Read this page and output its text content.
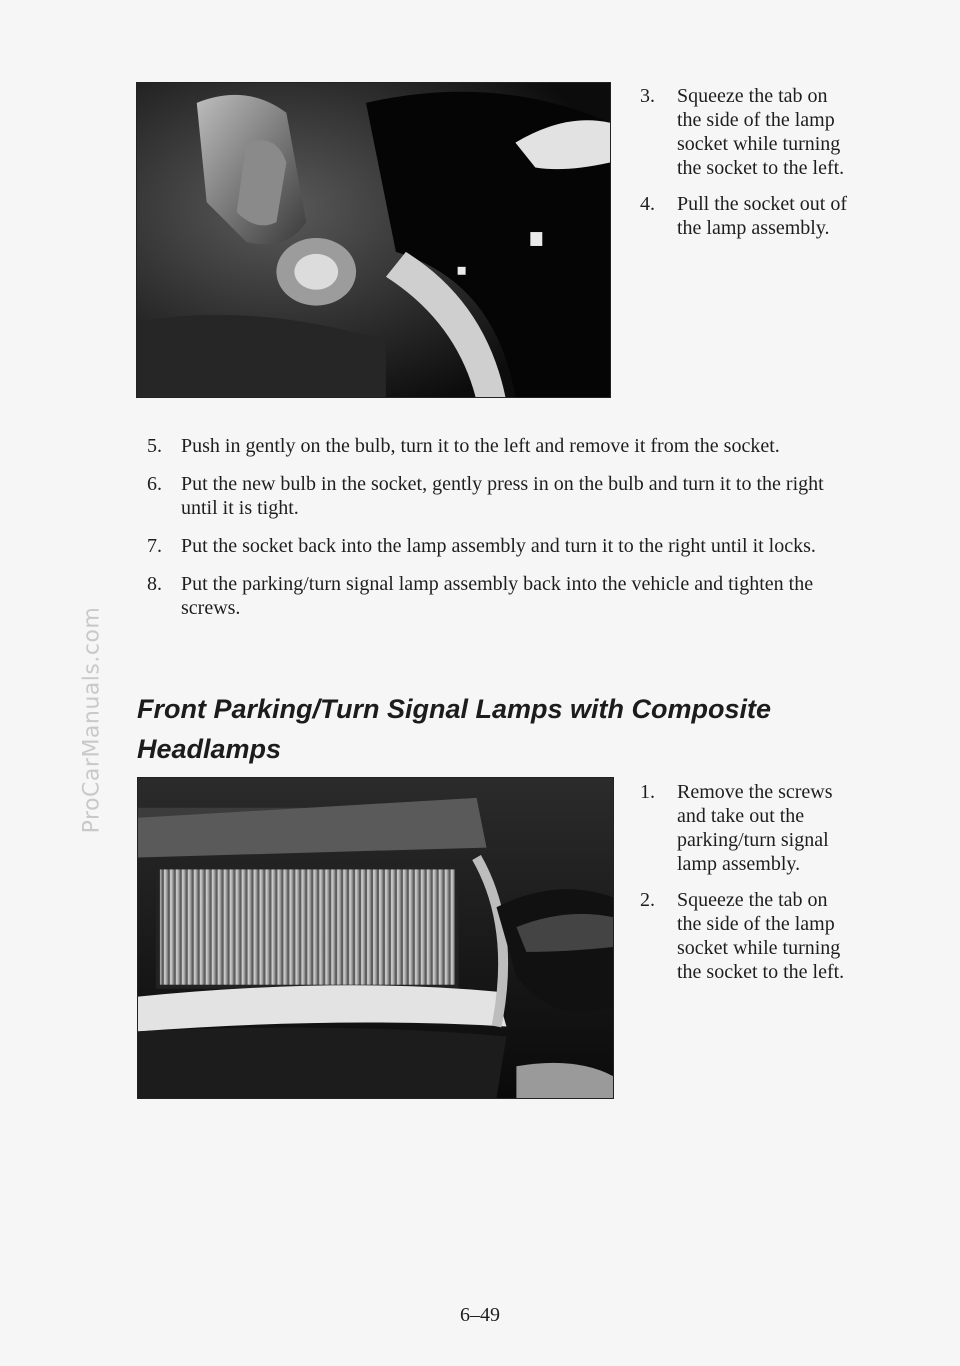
ProCarManuals.com
3. Squeeze the tab on the side of the lamp socket while turning the socket to the left.
4. Pull the socket out of the lamp assembly.
5. Push in gently on the bulb, turn it to the left and remove it from the socket.
6. Put the new bulb in the socket, gently press in on the bulb and turn it to the right until it is tight.
7. Put the socket back into the lamp assembly and turn it to the right until it locks.
8. Put the parking/turn signal lamp assembly back into the vehicle and tighten the screws.
Front Parking/Turn Signal Lamps with Composite Headlamps
1. Remove the screws and take out the parking/turn signal lamp assembly.
2. Squeeze the tab on the side of the lamp socket while turning the socket to the left.
6–49
